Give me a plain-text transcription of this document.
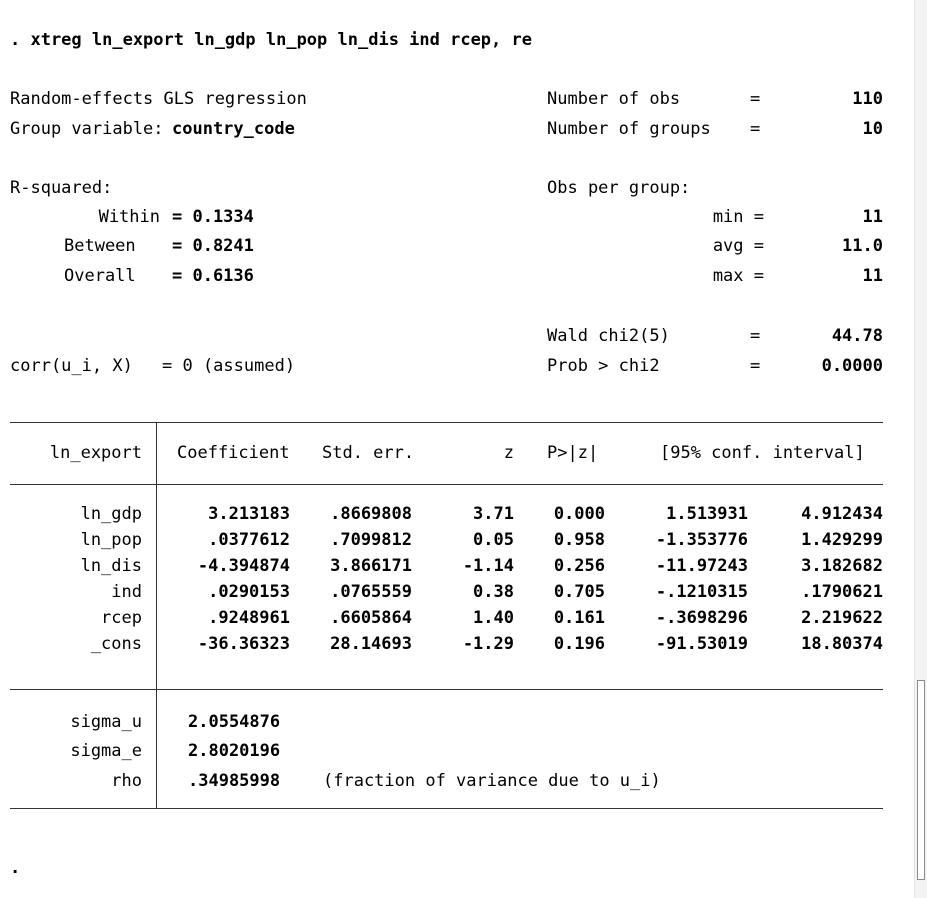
. xtreg ln_export ln_gdp ln_pop ln_dis ind rcep, re
Random-effects GLS regression
Group variable: country_code
Number of obs	=	110
Number of groups =	10
R-squared:
Within = 0.1334
Between = 0.8241
Overall = 0.6136
Obs per group:
min =	11
avg =	11.0
max =	11
Wald chi2(5)	=	44.78
corr(u_i, X) = 0 (assumed)	Prob > chi2	=	0.0000
ln_export Coefficient Std. err.	z P>|z|	[95% conf. interval]
ln_gdp	3.213183	.8669808	3.71	0.000	1.513931	4.912434
ln_pop	.0377612	.7099812	0.05	0.958	-1.353776	1.429299
ln_dis	-4.394874	3.866171	-1.14	0.256	-11.97243	3.182682
ind	.0290153	.0765559	0.38	0.705	-.1210315	.1790621
rcep	.9248961	.6605864	1.40	0.161	-.3698296	2.219622
_cons	-36.36323	28.14693	-1.29	0.196	-91.53019	18.80374
sigma_u	2.0554876
sigma_e	2.8020196
rho	.34985998	(fraction of variance due to u_i)
.
